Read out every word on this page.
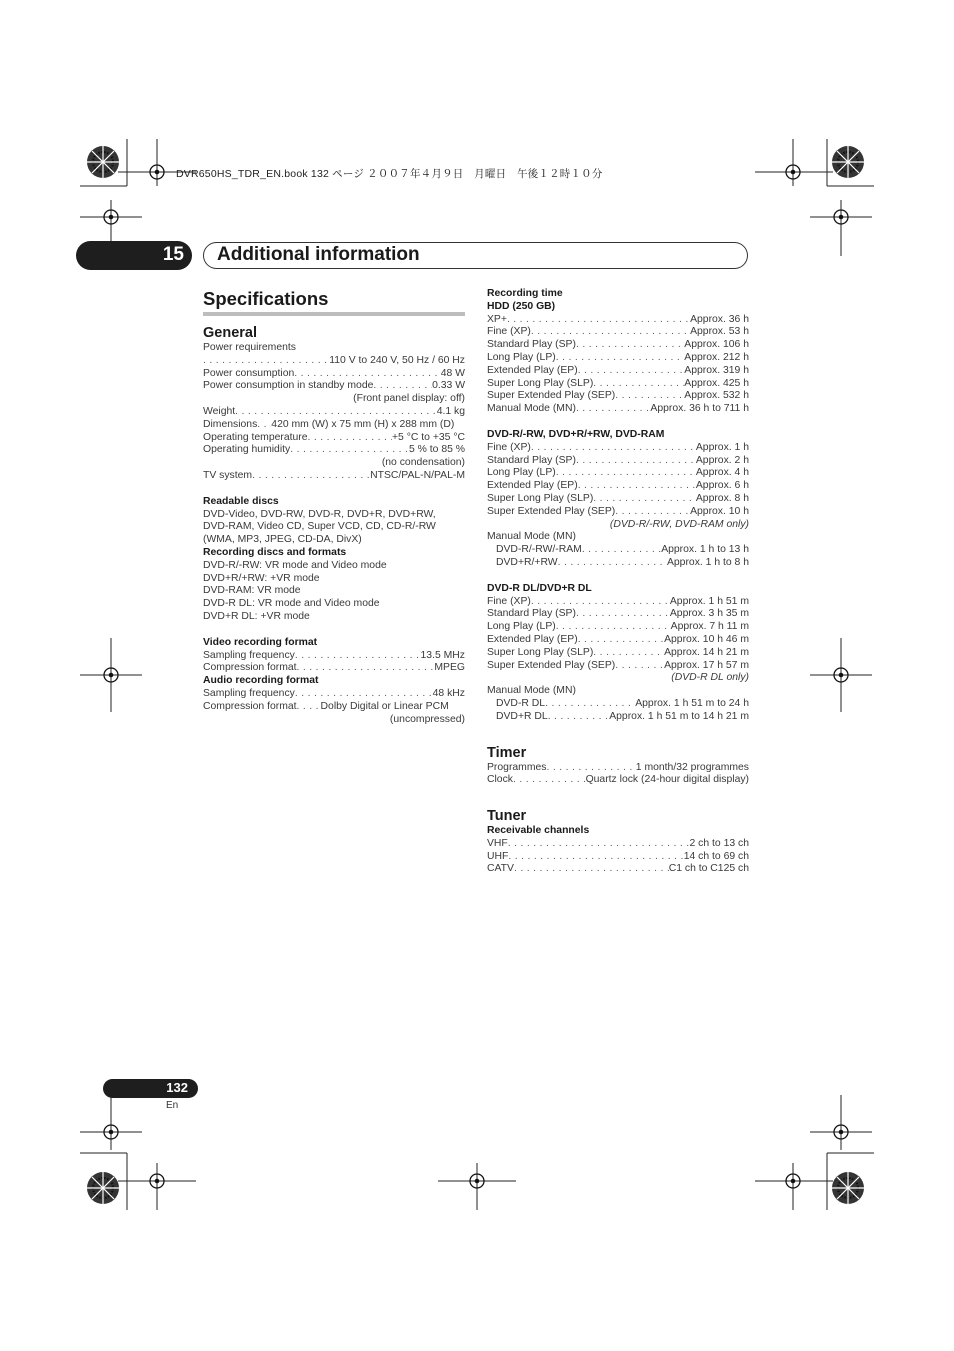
DVR650HS_TDR_EN.book 132 ページ ２００７年４月９日　月曜日　午後１２時１０分
15 Additional information
Specifications
General
Power requirements
. . .
110 V to 240 V, 50 Hz / 60 Hz
Power consumption . . .	48 W
Power consumption in standby mode . . .	0.33 W
(Front panel display: off)
Weight . . .	4.1 kg
Dimensions . . . 420 mm (W) x 75 mm (H) x 288 mm (D)
Operating temperature . . .	+5 °C to +35 °C
Operating humidity . . .	5 % to 85 %
(no condensation)
TV system . . .	NTSC/PAL-N/PAL-M
Readable discs
DVD-Video, DVD-RW, DVD-R, DVD+R, DVD+RW,
DVD-RAM, Video CD, Super VCD, CD, CD-R/-RW
(WMA, MP3, JPEG, CD-DA, DivX)
Recording discs and formats
DVD-R/-RW: VR mode and Video mode
DVD+R/+RW: +VR mode
DVD-RAM: VR mode
DVD-R DL: VR mode and Video mode
DVD+R DL: +VR mode
Video recording format
Sampling frequency . . .	13.5 MHz
Compression format . . .	MPEG
Audio recording format
Sampling frequency . . .	48 kHz
Compression format . . . Dolby Digital or Linear PCM
(uncompressed)
Recording time
HDD (250 GB)
XP+ . . .	Approx. 36 h
Fine (XP) . . .	Approx. 53 h
Standard Play (SP) . . .	Approx. 106 h
Long Play (LP) . . .	Approx. 212 h
Extended Play (EP) . . .	Approx. 319 h
Super Long Play (SLP) . . .	Approx. 425 h
Super Extended Play (SEP) . . .	Approx. 532 h
Manual Mode (MN) . . .	Approx. 36 h to 711 h
DVD-R/-RW, DVD+R/+RW, DVD-RAM
Fine (XP) . . .	Approx. 1 h
Standard Play (SP) . . .	Approx. 2 h
Long Play (LP) . . .	Approx. 4 h
Extended Play (EP) . . .	Approx. 6 h
Super Long Play (SLP) . . .	Approx. 8 h
Super Extended Play (SEP) . . .	Approx. 10 h
(DVD-R/-RW, DVD-RAM only)
Manual Mode (MN)
DVD-R/-RW/-RAM . . .	Approx. 1 h to 13 h
DVD+R/+RW . . .	Approx. 1 h to 8 h
DVD-R DL/DVD+R DL
Fine (XP) . . .	Approx. 1 h 51 m
Standard Play (SP) . . .	Approx. 3 h 35 m
Long Play (LP) . . .	Approx. 7 h 11 m
Extended Play (EP) . . .	Approx. 10 h 46 m
Super Long Play (SLP) . . .	Approx. 14 h 21 m
Super Extended Play (SEP) . . .	Approx. 17 h 57 m
(DVD-R DL only)
Manual Mode (MN)
DVD-R DL . . .	Approx. 1 h 51 m to 24 h
DVD+R DL . . .	Approx. 1 h 51 m to 14 h 21 m
Timer
Programmes . . .	1 month/32 programmes
Clock . . .	Quartz lock (24-hour digital display)
Tuner
Receivable channels
VHF . . .	2 ch to 13 ch
UHF . . .	14 ch to 69 ch
CATV . . .	C1 ch to C125 ch
132
En
